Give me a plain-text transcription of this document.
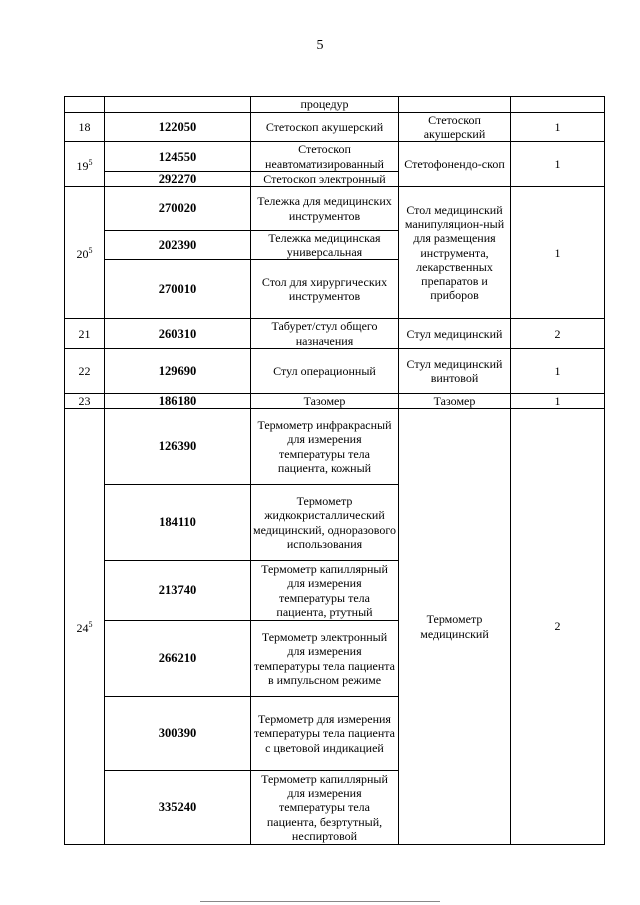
5
		процедур		
18	122050	Стетоскоп акушерский	Стетоскоп акушерский	1
$19^5$	124550	Стетоскоп неавтоматизированный	Стетофонендо-скоп	1
	292270	Стетоскоп электронный		
$20^5$	270020	Тележка для медицинских инструментов	Стол медицинский манипуляцион-ный для размещения инструмента, лекарственных препаратов и приборов	1
	202390	Тележка медицинская универсальная		
	270010	Стол для хирургических инструментов		
21	260310	Табурет/стул общего назначения	Стул медицинский	2
22	129690	Стул операционный	Стул медицинский винтовой	1
23	186180	Тазомер	Тазомер	1
$24^5$	126390	Термометр инфракрасный для измерения температуры тела пациента, кожный	Термометр медицинский	2
	184110	Термометр жидкокристаллический медицинский, одноразового использования		
	213740	Термометр капиллярный для измерения температуры тела пациента, ртутный		
	266210	Термометр электронный для измерения температуры тела пациента в импульсном режиме		
	300390	Термометр для измерения температуры тела пациента с цветовой индикацией		
	335240	Термометр капиллярный для измерения температуры тела пациента, безртутный, неспиртовой		
